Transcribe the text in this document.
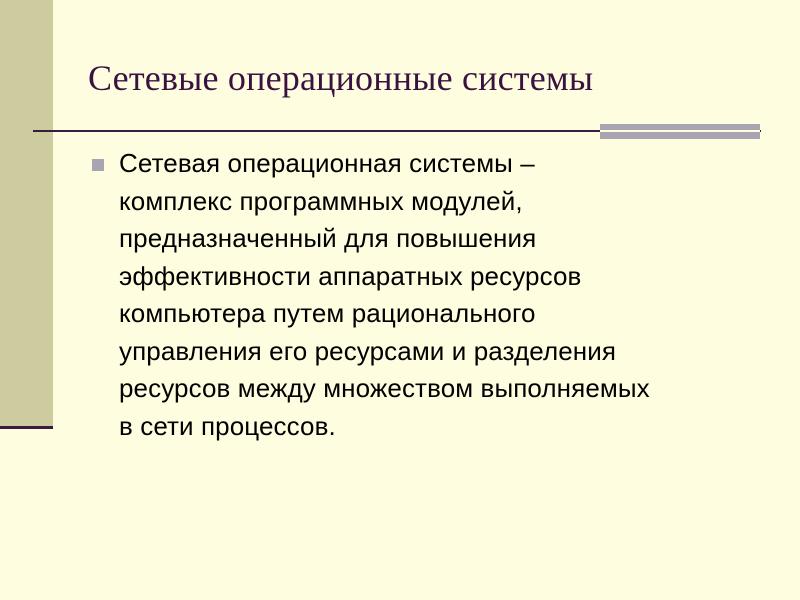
Сетевые операционные системы

Сетевая операционная системы –
комплекс программных модулей,
предназначенный для повышения
эффективности аппаратных ресурсов
компьютера путем рационального
управления его ресурсами и разделения
ресурсов между множеством выполняемых
в сети процессов.
